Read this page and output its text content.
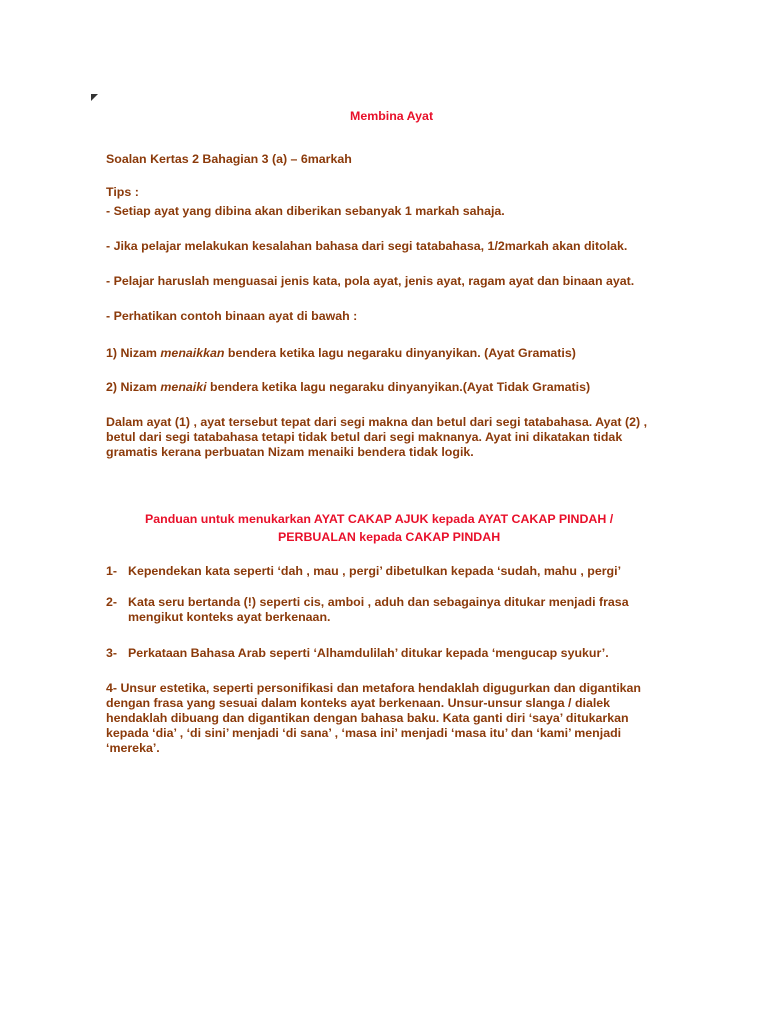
Membina Ayat
Soalan Kertas 2 Bahagian 3 (a) – 6markah
Tips :
- Setiap ayat yang dibina akan diberikan sebanyak 1 markah sahaja.
- Jika pelajar melakukan kesalahan bahasa dari segi tatabahasa, 1/2markah akan ditolak.
- Pelajar haruslah menguasai jenis kata, pola ayat, jenis ayat, ragam ayat dan binaan ayat.
- Perhatikan contoh binaan ayat di bawah :
1) Nizam menaikkan bendera ketika lagu negaraku dinyanyikan. (Ayat Gramatis)
2) Nizam menaiki bendera ketika lagu negaraku dinyanyikan.(Ayat Tidak Gramatis)
Dalam ayat (1) , ayat tersebut tepat dari segi makna dan betul dari segi tatabahasa. Ayat (2) ,
betul dari segi tatabahasa tetapi tidak betul dari segi maknanya. Ayat ini dikatakan tidak
gramatis kerana perbuatan Nizam menaiki bendera tidak logik.
Panduan untuk menukarkan AYAT CAKAP AJUK kepada AYAT CAKAP PINDAH /
PERBUALAN kepada CAKAP PINDAH
1- Kependekan kata seperti ‘dah , mau , pergi’ dibetulkan kepada ‘sudah, mahu , pergi’
2- Kata seru bertanda (!) seperti cis, amboi , aduh dan sebagainya ditukar menjadi frasa
mengikut konteks ayat berkenaan.
3- Perkataan Bahasa Arab seperti ‘Alhamdulilah’ ditukar kepada ‘mengucap syukur’.
4- Unsur estetika, seperti personifikasi dan metafora hendaklah digugurkan dan digantikan
dengan frasa yang sesuai dalam konteks ayat berkenaan. Unsur-unsur slanga / dialek
hendaklah dibuang dan digantikan dengan bahasa baku. Kata ganti diri ‘saya’ ditukarkan
kepada ‘dia’ , ‘di sini’ menjadi ‘di sana’ , ‘masa ini’ menjadi ‘masa itu’ dan ‘kami’ menjadi
‘mereka’.
